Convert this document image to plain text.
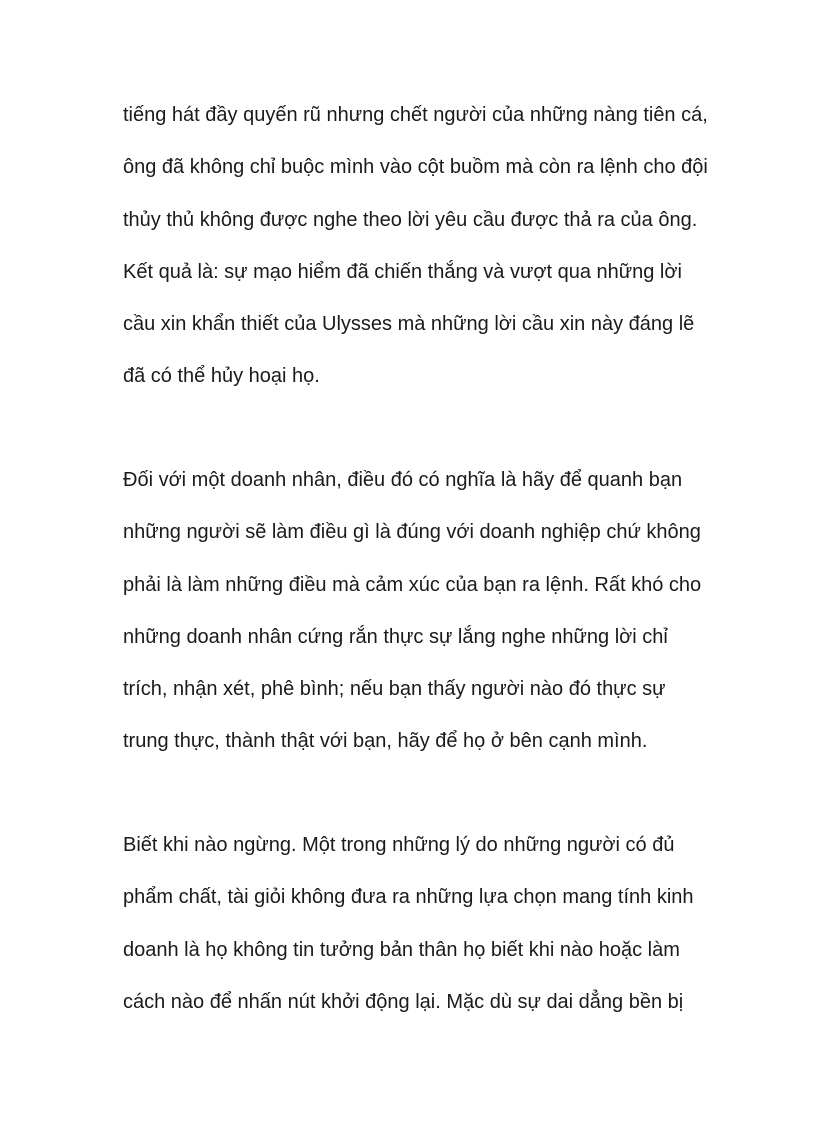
tiếng hát đầy quyến rũ nhưng chết người của những nàng tiên cá,
ông đã không chỉ buộc mình vào cột buồm mà còn ra lệnh cho đội
thủy thủ không được nghe theo lời yêu cầu được thả ra của ông.
Kết quả là: sự mạo hiểm đã chiến thắng và vượt qua những lời
cầu xin khẩn thiết của Ulysses mà những lời cầu xin này đáng lẽ
đã có thể hủy hoại họ.
Đối với một doanh nhân, điều đó có nghĩa là hãy để quanh bạn
những người sẽ làm điều gì là đúng với doanh nghiệp chứ không
phải là làm những điều mà cảm xúc của bạn ra lệnh. Rất khó cho
những doanh nhân cứng rắn thực sự lắng nghe những lời chỉ
trích, nhận xét, phê bình; nếu bạn thấy người nào đó thực sự
trung thực, thành thật với bạn, hãy để họ ở bên cạnh mình.
Biết khi nào ngừng. Một trong những lý do những người có đủ
phẩm chất, tài giỏi không đưa ra những lựa chọn mang tính kinh
doanh là họ không tin tưởng bản thân họ biết khi nào hoặc làm
cách nào để nhấn nút khởi động lại. Mặc dù sự dai dẳng bền bị
